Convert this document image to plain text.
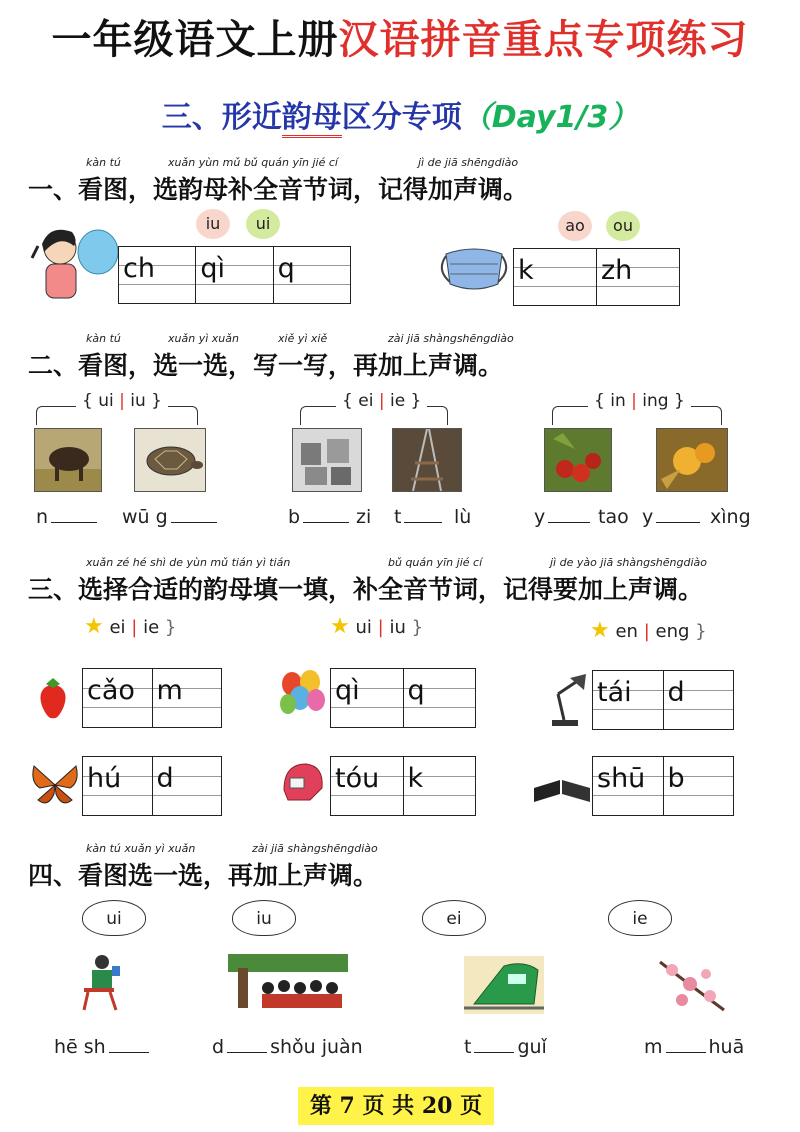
一年级语文上册汉语拼音重点专项练习
三、形近韵母区分专项（Day1/3）
kàn tú	xuǎn yùn mǔ bǔ quán yīn jié cí	jì de jiā shēngdiào
一、看图，选韵母补全音节词，记得加声调。
iu	ui
ch qì q
ao	ou
k zh
kàn tú	xuǎn yì xuǎn	xiě yì xiě	zài jiā shàngshēngdiào
二、看图，选一选，写一写，再加上声调。
{ ui | iu }
n	wū g
{ ei | ie }
b	zi t	lù
{ in | ing }
y	tao y	xìng
xuǎn zé hé shì de yùn mǔ tián yì tián	bǔ quán yīn jié cí	jì de yào jiā shàngshēngdiào
三、选择合适的韵母填一填，补全音节词，记得要加上声调。
★ ei | ie }	★ ui | iu }	★ en | eng }
cǎo m	qì q	tái d
hú d	tóu k	shū b
kàn tú xuǎn yì xuǎn	zài jiā shàngshēngdiào
四、看图选一选，再加上声调。
ui	iu	ei	ie
hē sh	d shǒu juàn	t guǐ	m huā
第 7 页 共 20 页
